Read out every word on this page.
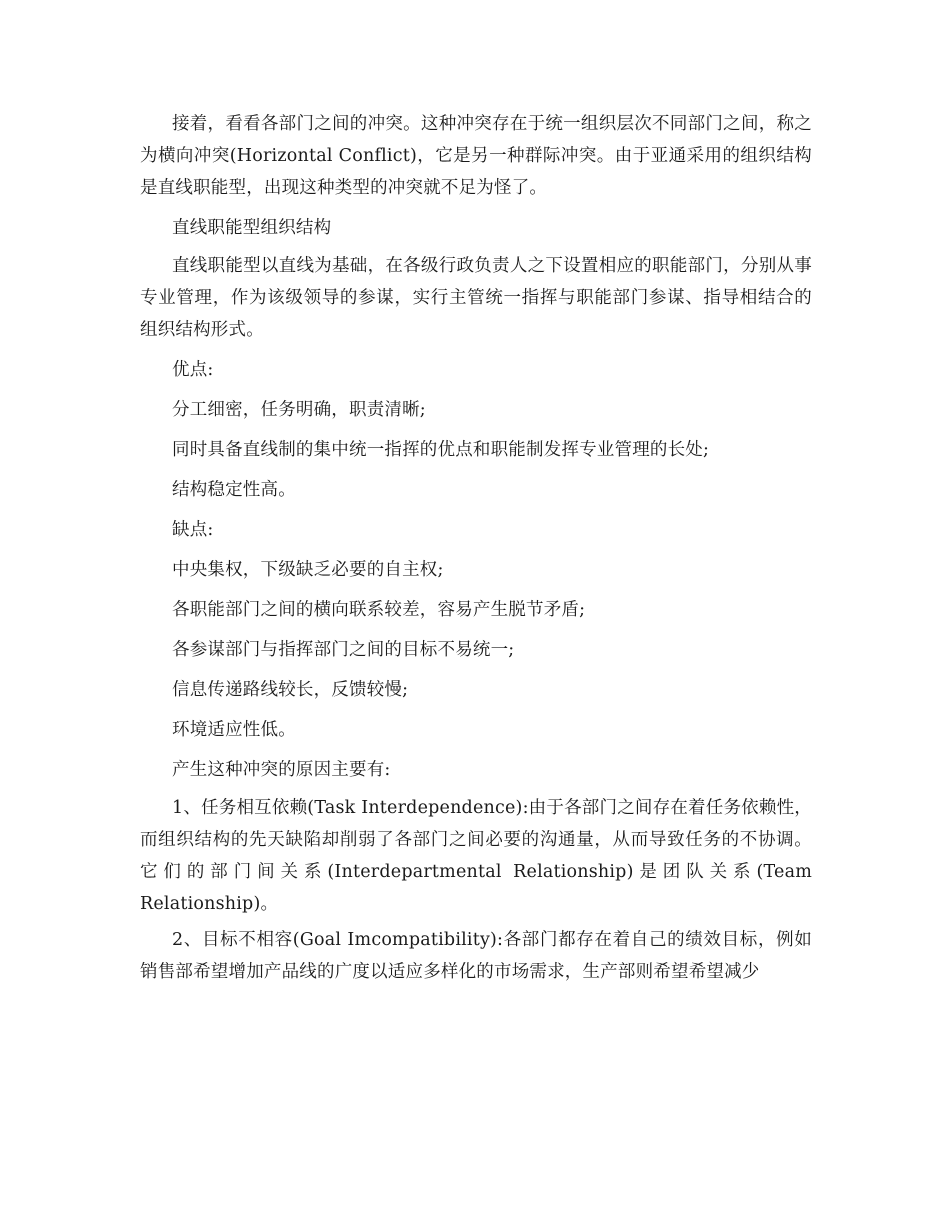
接着，看看各部门之间的冲突。这种冲突存在于统一组织层次不同部门之间，称之为横向冲突(Horizontal Conflict)，它是另一种群际冲突。由于亚通采用的组织结构是直线职能型，出现这种类型的冲突就不足为怪了。

直线职能型组织结构

直线职能型以直线为基础，在各级行政负责人之下设置相应的职能部门，分别从事专业管理，作为该级领导的参谋，实行主管统一指挥与职能部门参谋、指导相结合的组织结构形式。

优点:

分工细密，任务明确，职责清晰;

同时具备直线制的集中统一指挥的优点和职能制发挥专业管理的长处;

结构稳定性高。

缺点:

中央集权，下级缺乏必要的自主权;

各职能部门之间的横向联系较差，容易产生脱节矛盾;

各参谋部门与指挥部门之间的目标不易统一;

信息传递路线较长，反馈较慢;

环境适应性低。

产生这种冲突的原因主要有:

1、任务相互依赖(Task Interdependence):由于各部门之间存在着任务依赖性，而组织结构的先天缺陷却削弱了各部门之间必要的沟通量，从而导致任务的不协调。它们的部门间关系(Interdepartmental Relationship)是团队关系(Team Relationship)。

2、目标不相容(Goal Imcompatibility):各部门都存在着自己的绩效目标，例如销售部希望增加产品线的广度以适应多样化的市场需求，生产部则希望希望减少
